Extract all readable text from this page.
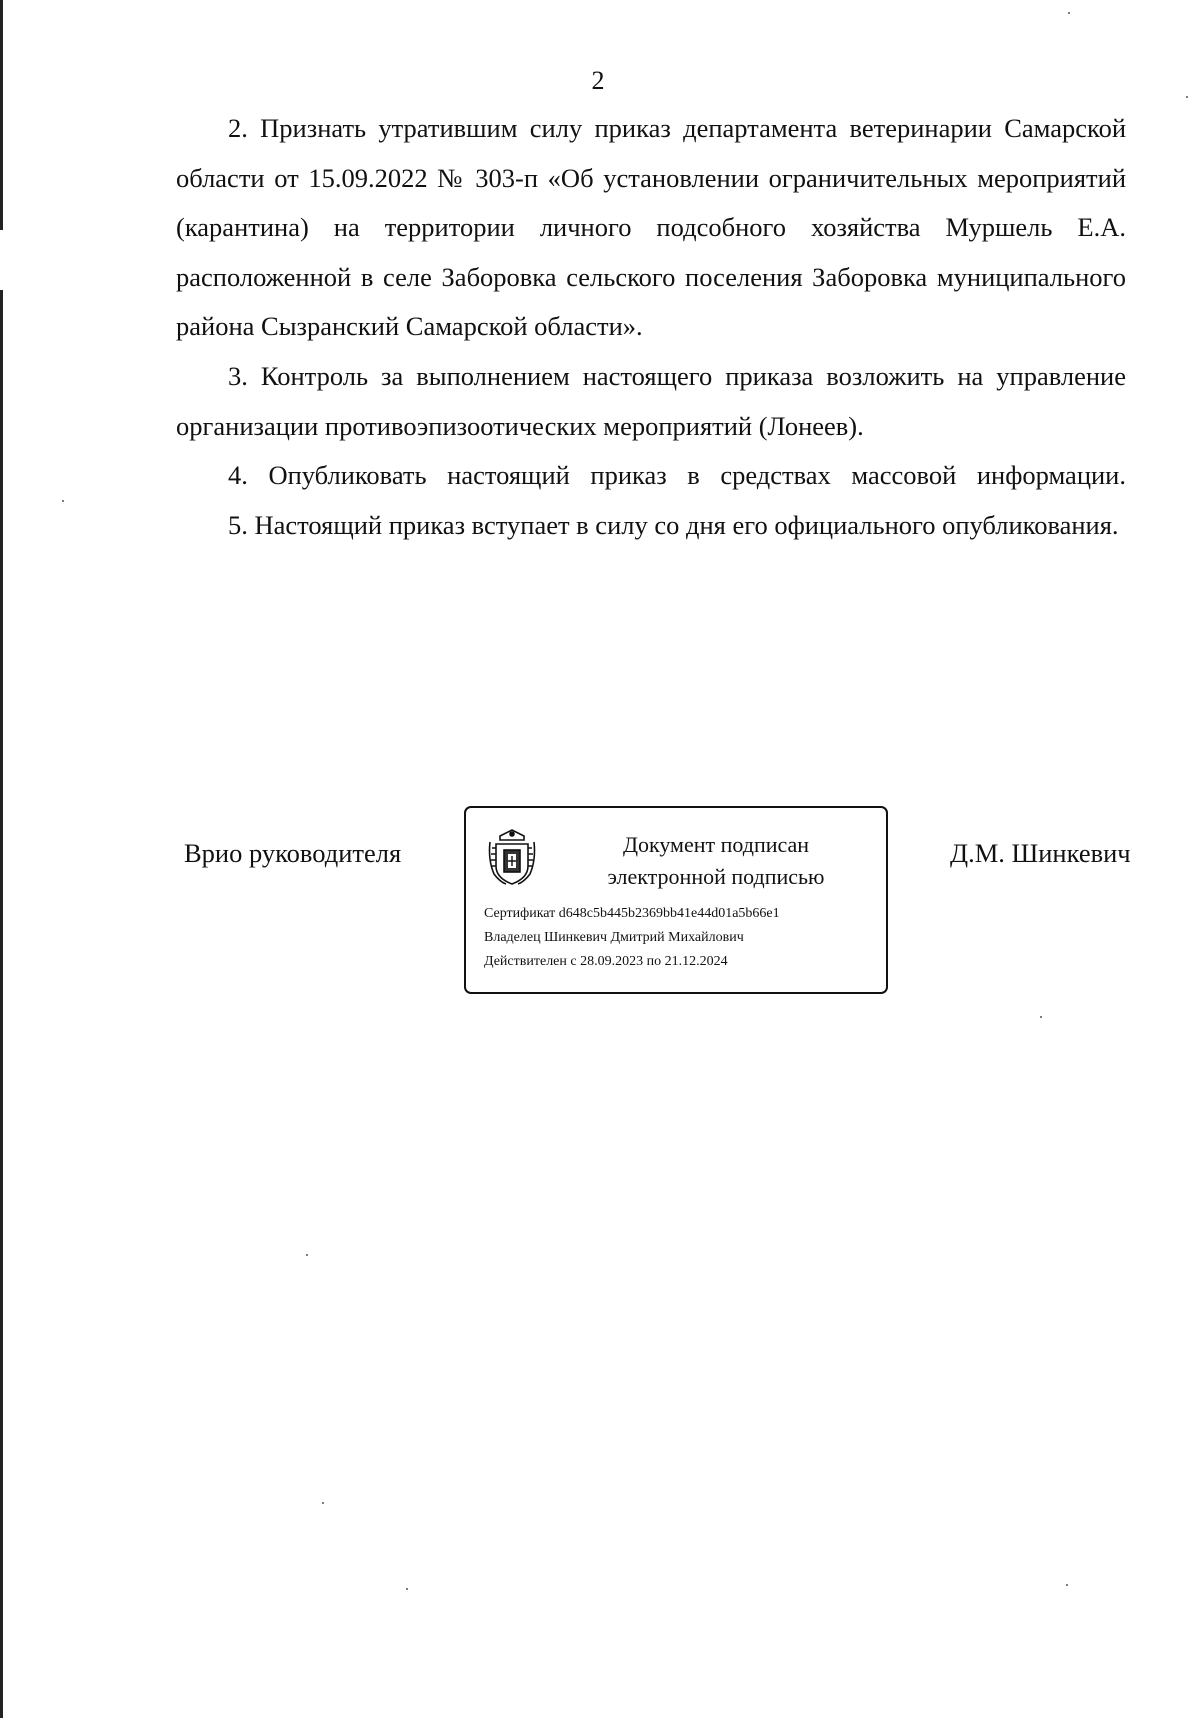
2

2. Признать утратившим силу приказ департамента ветеринарии Самарской области от 15.09.2022 № 303-п «Об установлении ограничительных мероприятий (карантина) на территории личного подсобного хозяйства Муршель Е.А. расположенной в селе Заборовка сельского поселения Заборовка муниципального района Сызранский Самарской области».

3. Контроль за выполнением настоящего приказа возложить на управление организации противоэпизоотических мероприятий (Лонеев).

4. Опубликовать настоящий приказ в средствах массовой информации.

5. Настоящий приказ вступает в силу со дня его официального опубликования.

Врио руководителя	Документ подписан
электронной подписью
Сертификат d648c5b445b2369bb41e44d01a5b66e1
Владелец Шинкевич Дмитрий Михайлович
Действителен с 28.09.2023 по 21.12.2024
Д.М. Шинкевич
